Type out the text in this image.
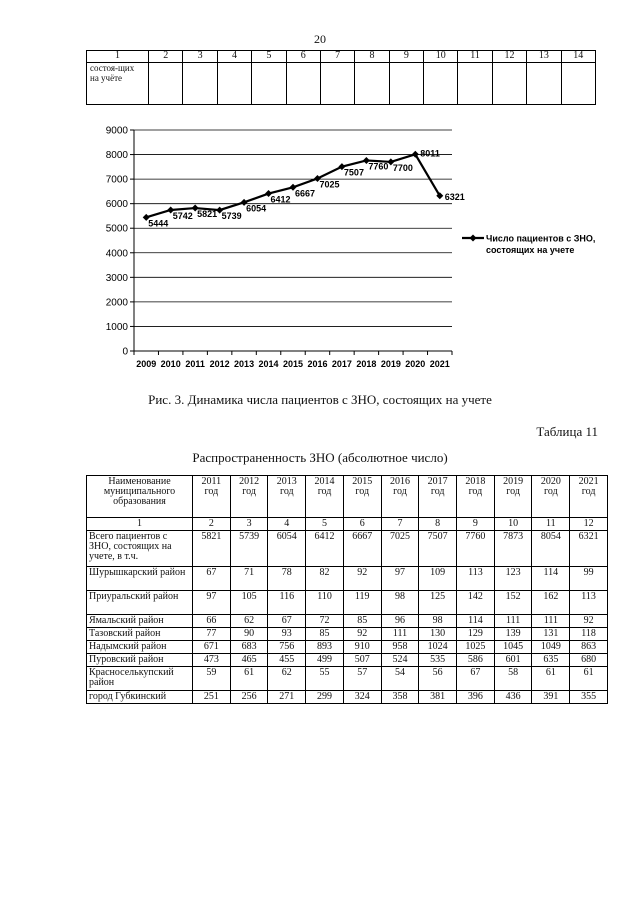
20
1	2	3	4	5	6	7	8	9	10	11	12	13	14
состоя-щих на учёте													
0
1000
2000
3000
4000
5000
6000
7000
8000
9000
2009 2010 2011 2012 2013 2014 2015 2016 2017 2018 2019 2020 2021
5444
5742 5821 5739
6054
6412
6667
7025
7507
7760 7700
8011
6321
Число пациентов с ЗНО,
состоящих на учете
Рис. 3. Динамика числа пациентов с ЗНО, состоящих на учете
Таблица 11
Распространенность ЗНО (абсолютное число)
Наименование муниципального образования	2011 год	2012 год	2013 год	2014 год	2015 год	2016 год	2017 год	2018 год	2019 год	2020 год	2021 год
1	2	3	4	5	6	7	8	9	10	11	12
Всего пациентов с ЗНО, состоящих на учете, в т.ч.	5821	5739	6054	6412	6667	7025	7507	7760	7873	8054	6321
Шурышкарский район	67	71	78	82	92	97	109	113	123	114	99
Приуральский район	97	105	116	110	119	98	125	142	152	162	113
Ямальский район	66	62	67	72	85	96	98	114	111	111	92
Тазовский район	77	90	93	85	92	111	130	129	139	131	118
Надымский район	671	683	756	893	910	958	1024	1025	1045	1049	863
Пуровский район	473	465	455	499	507	524	535	586	601	635	680
Красноселькупский район	59	61	62	55	57	54	56	67	58	61	61
город Губкинский	251	256	271	299	324	358	381	396	436	391	355
